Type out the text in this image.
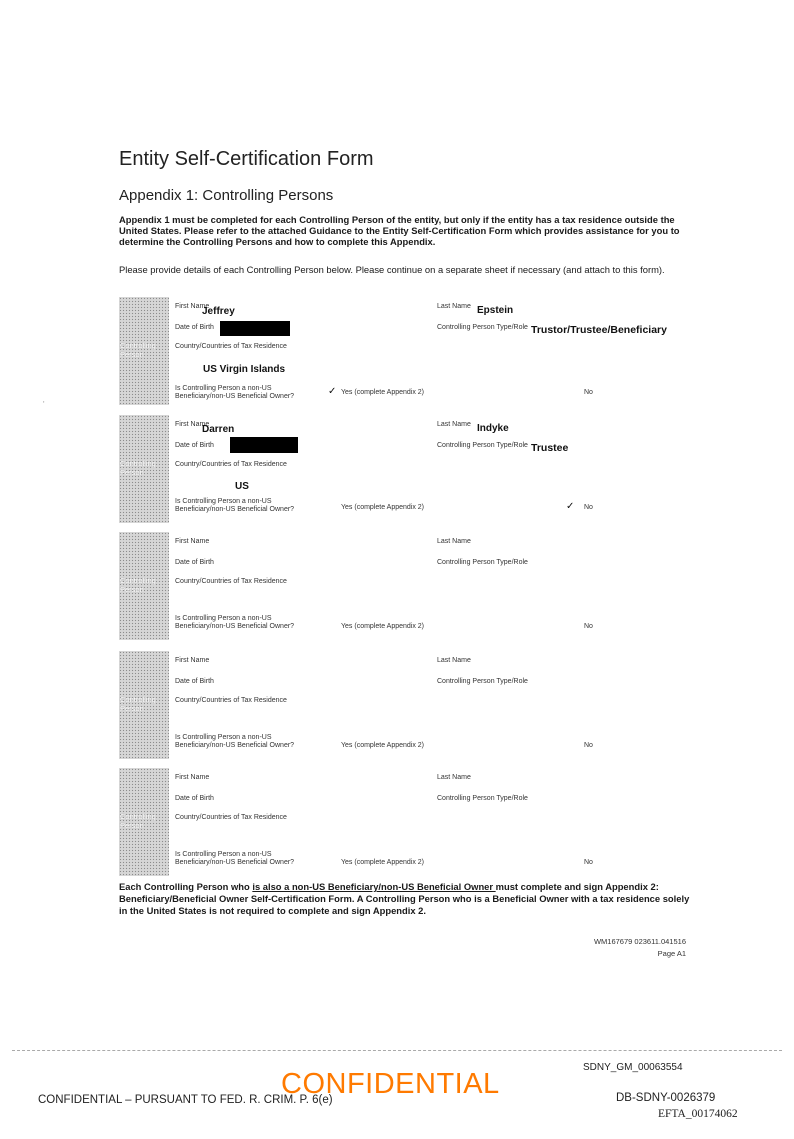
Entity Self-Certification Form
Appendix 1: Controlling Persons
Appendix 1 must be completed for each Controlling Person of the entity, but only if the entity has a tax residence outside the United States. Please refer to the attached Guidance to the Entity Self-Certification Form which provides assistance for you to determine the Controlling Persons and how to complete this Appendix.
Please provide details of each Controlling Person below. Please continue on a separate sheet if necessary (and attach to this form).
'
Controlling Person
First Name
Jeffrey	Last Name Epstein
Date of Birth	Controlling Person Type/Role Trustor/Trustee/Beneficiary
Country/Countries of Tax Residence
US Virgin Islands
Is Controlling Person a non-US
Beneficiary/non-US Beneficial Owner?	✓ Yes (complete Appendix 2)	No
Controlling Person
First Name
Darren	Last Name Indyke
Date of Birth	Controlling Person Type/Role Trustee
Country/Countries of Tax Residence
US
Is Controlling Person a non-US
Beneficiary/non-US Beneficial Owner?	Yes (complete Appendix 2)	✓ No
Controlling Person
First Name	Last Name
Date of Birth	Controlling Person Type/Role
Country/Countries of Tax Residence
Is Controlling Person a non-US
Beneficiary/non-US Beneficial Owner?	Yes (complete Appendix 2)	No
Controlling Person
First Name	Last Name
Date of Birth	Controlling Person Type/Role
Country/Countries of Tax Residence
Is Controlling Person a non-US
Beneficiary/non-US Beneficial Owner?	Yes (complete Appendix 2)	No
Controlling Person
First Name	Last Name
Date of Birth	Controlling Person Type/Role
Country/Countries of Tax Residence
Is Controlling Person a non-US
Beneficiary/non-US Beneficial Owner?	Yes (complete Appendix 2)	No
Each Controlling Person who is also a non-US Beneficiary/non-US Beneficial Owner must complete and sign Appendix 2: Beneficiary/Beneficial Owner Self-Certification Form. A Controlling Person who is a Beneficial Owner with a tax residence solely in the United States is not required to complete and sign Appendix 2.
WM167679 023611.041516
Page A1
SDNY_GM_00063554
CONFIDENTIAL – PURSUANT TO FED. R. CRIM. P. 6(e)
CONFIDENTIAL	DB-SDNY-0026379
EFTA_00174062
